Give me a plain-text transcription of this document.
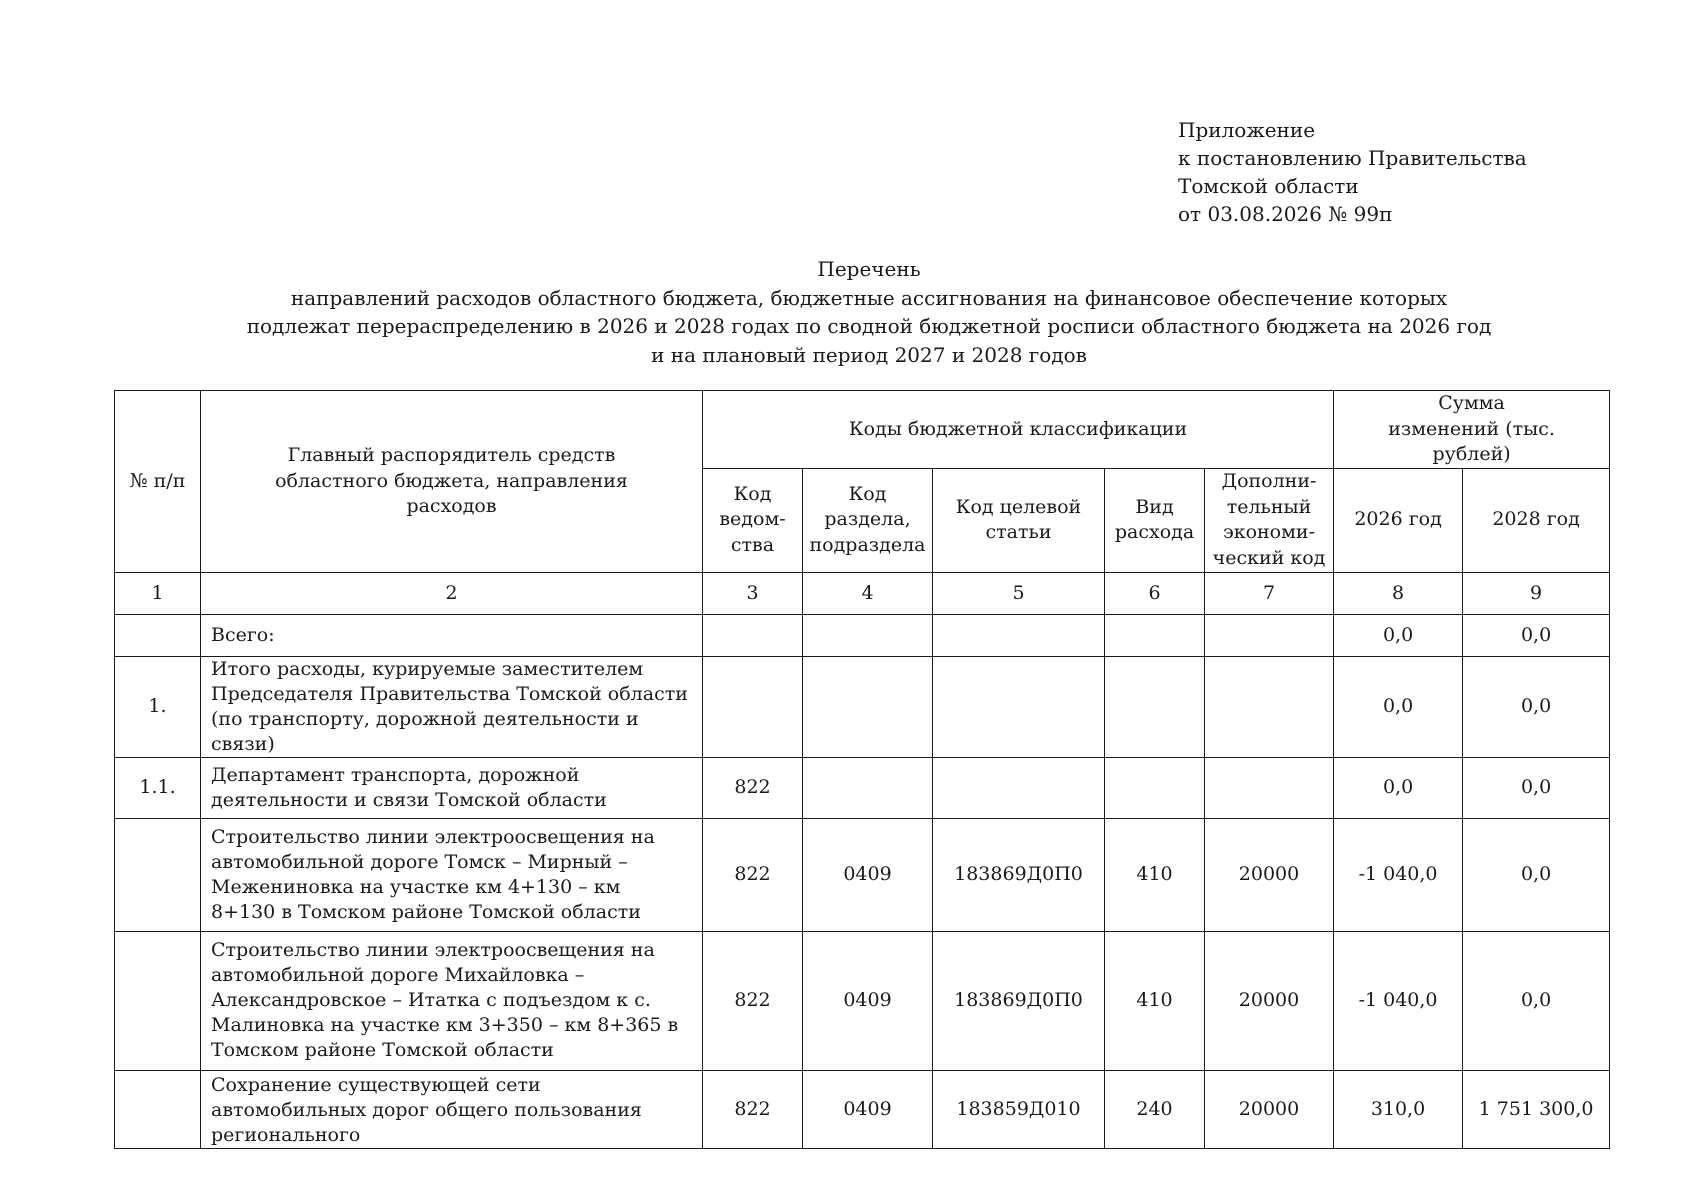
Приложение
к постановлению Правительства
Томской области
от 03.08.2026 № 99п
Перечень
направлений расходов областного бюджета, бюджетные ассигнования на финансовое обеспечение которых
подлежат перераспределению в 2026 и 2028 годах по сводной бюджетной росписи областного бюджета на 2026 год
и на плановый период 2027 и 2028 годов
№ п/п	Главный распорядитель средств областного бюджета, направления расходов	Коды бюджетной классификации					Сумма изменений (тыс. рублей)	
		Код ведом-ства	Код раздела, подраздела	Код целевой статьи	Вид расхода	Дополни-тельный экономи-ческий код	2026 год	2028 год
1	2	3	4	5	6	7	8	9
	Всего:						0,0	0,0
1.	Итого расходы, курируемые заместителем Председателя Правительства Томской области (по транспорту, дорожной деятельности и связи)						0,0	0,0
1.1.	Департамент транспорта, дорожной деятельности и связи Томской области	822					0,0	0,0
	Строительство линии электроосвещения на автомобильной дороге Томск – Мирный – Межениновка на участке км 4+130 – км 8+130 в Томском районе Томской области	822	0409	183869Д0П0	410	20000	-1 040,0	0,0
	Строительство линии электроосвещения на автомобильной дороге Михайловка – Александровское – Итатка с подъездом к с. Малиновка на участке км 3+350 – км 8+365 в Томском районе Томской области	822	0409	183869Д0П0	410	20000	-1 040,0	0,0
	Сохранение существующей сети автомобильных дорог общего пользования регионального	822	0409	183859Д010	240	20000	310,0	1 751 300,0
